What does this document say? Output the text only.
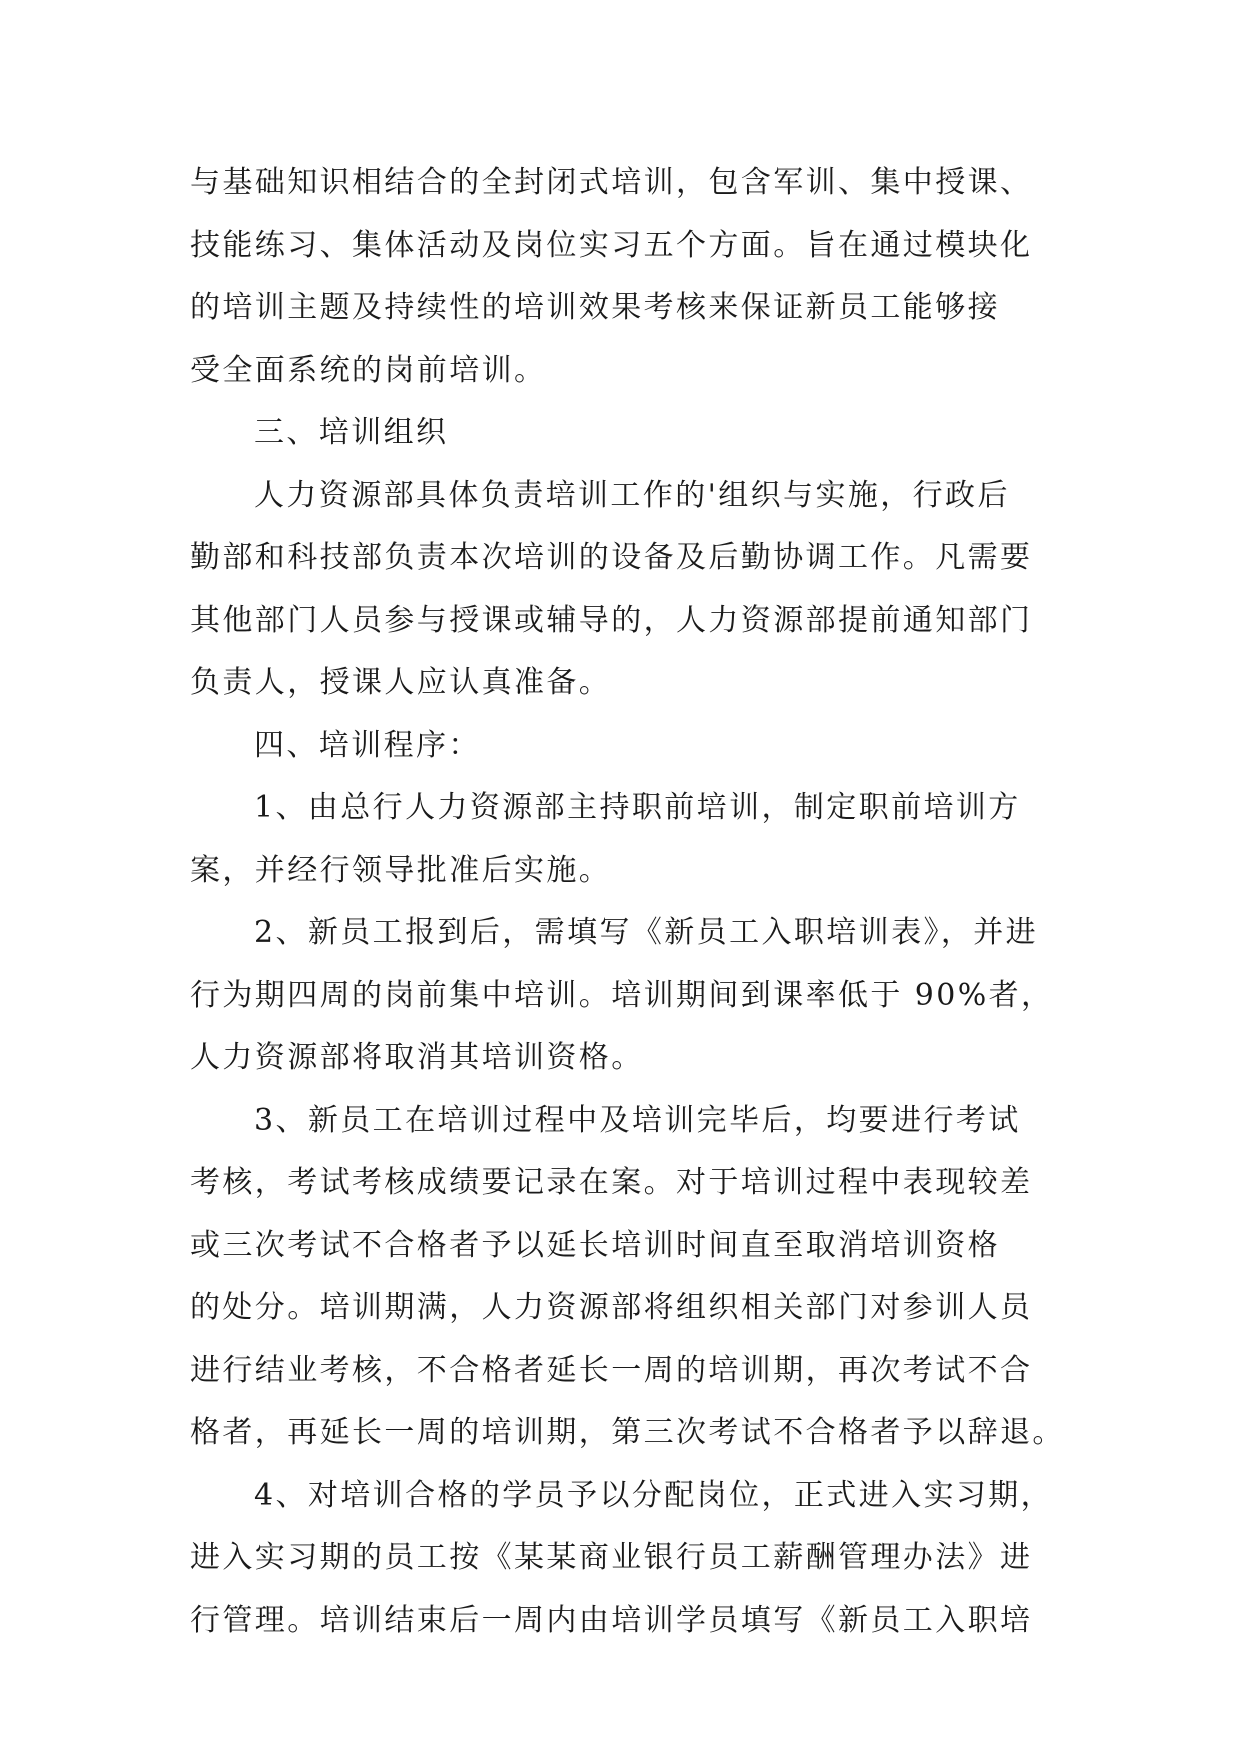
与基础知识相结合的全封闭式培训，包含军训、集中授课、
技能练习、集体活动及岗位实习五个方面。旨在通过模块化
的培训主题及持续性的培训效果考核来保证新员工能够接
受全面系统的岗前培训。
三、培训组织
人力资源部具体负责培训工作的'组织与实施，行政后
勤部和科技部负责本次培训的设备及后勤协调工作。凡需要
其他部门人员参与授课或辅导的，人力资源部提前通知部门
负责人，授课人应认真准备。
四、培训程序：
1、由总行人力资源部主持职前培训，制定职前培训方
案，并经行领导批准后实施。
2、新员工报到后，需填写《新员工入职培训表》，并进
行为期四周的岗前集中培训。培训期间到课率低于 90%者，
人力资源部将取消其培训资格。
3、新员工在培训过程中及培训完毕后，均要进行考试
考核，考试考核成绩要记录在案。对于培训过程中表现较差
或三次考试不合格者予以延长培训时间直至取消培训资格
的处分。培训期满，人力资源部将组织相关部门对参训人员
进行结业考核，不合格者延长一周的培训期，再次考试不合
格者，再延长一周的培训期，第三次考试不合格者予以辞退。
4、对培训合格的学员予以分配岗位，正式进入实习期，
进入实习期的员工按《某某商业银行员工薪酬管理办法》进
行管理。培训结束后一周内由培训学员填写《新员工入职培
